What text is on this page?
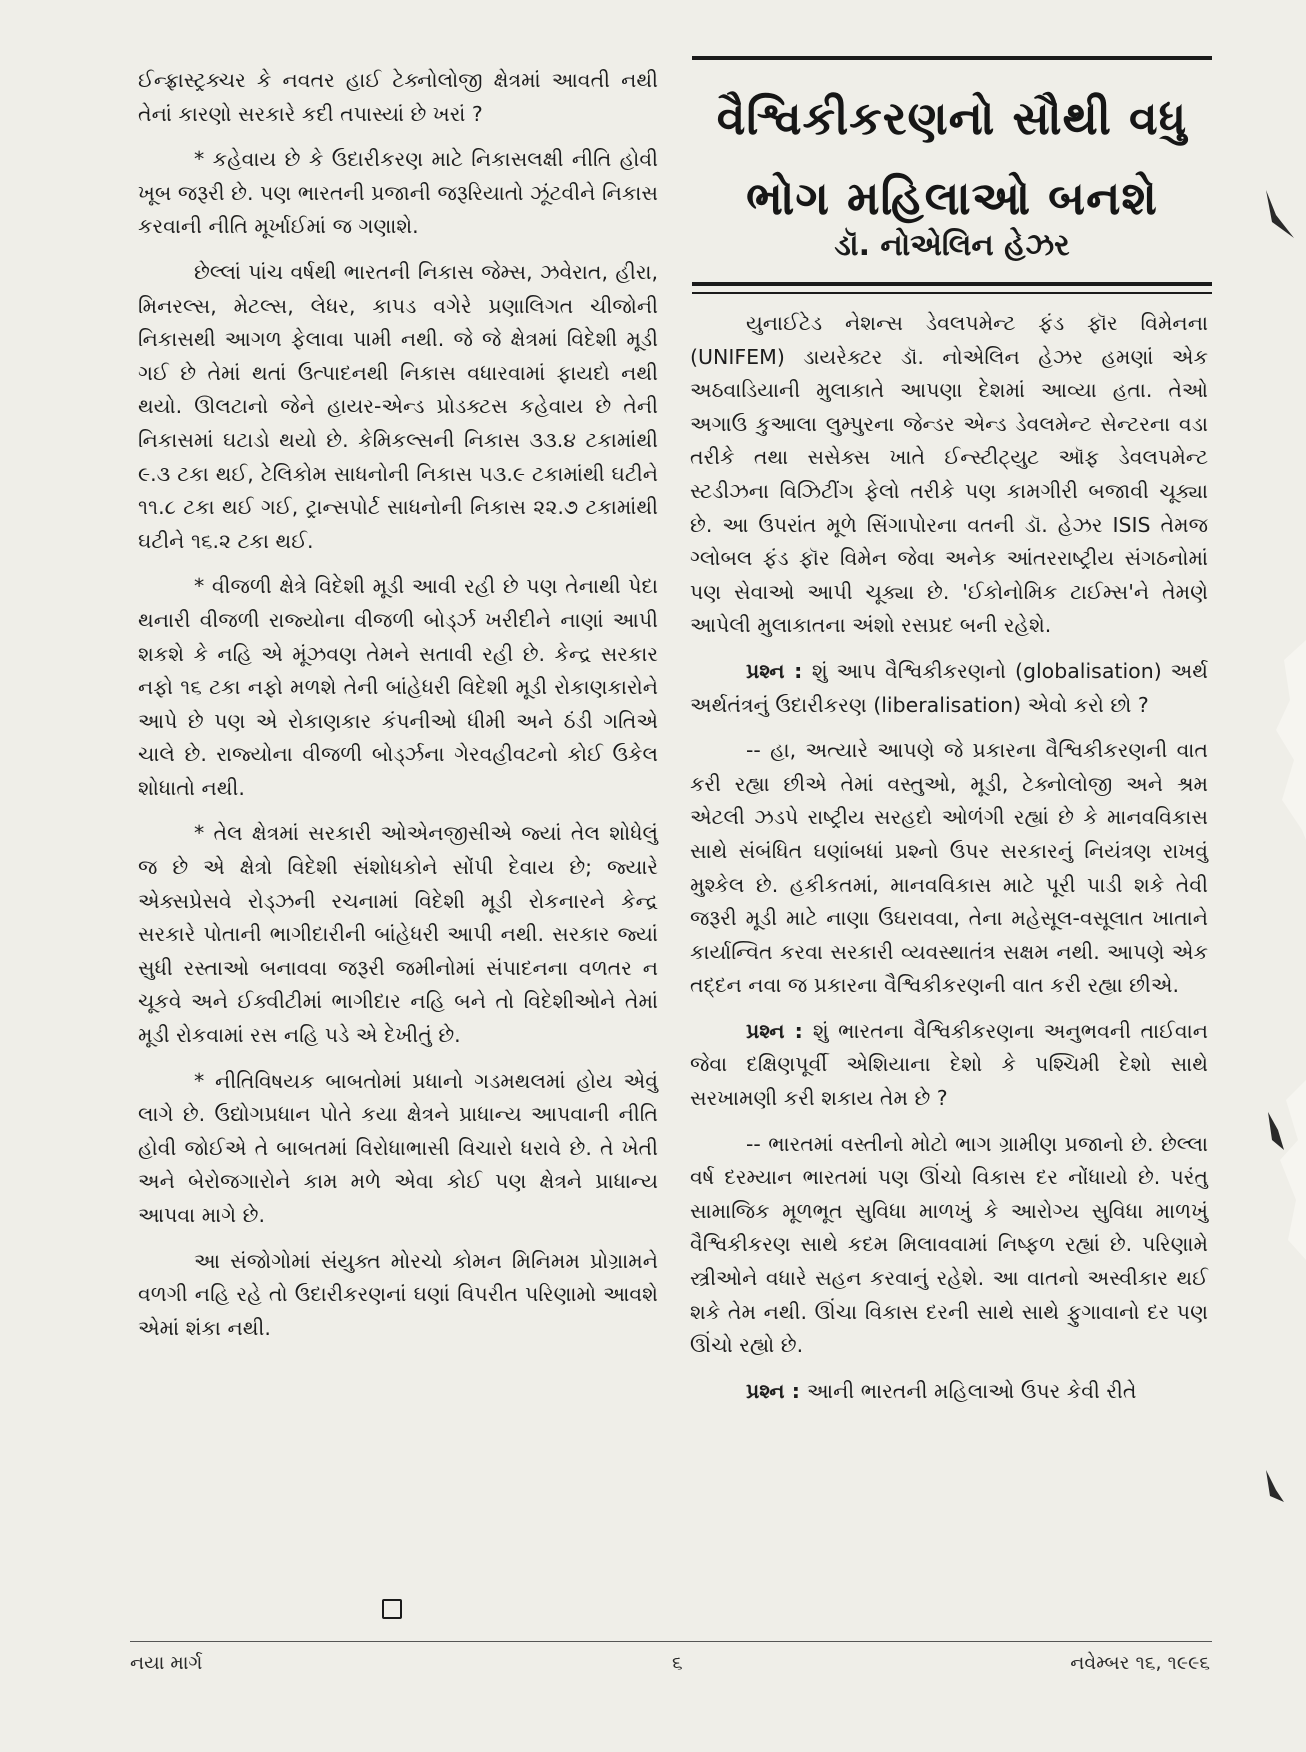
વૈશ્વિકીકરણનો સૌથી વધુ
ભોગ મહિલાઓ બનશે
ડૉ. નોએલિન હેઝર

ઈન્ફ્રાસ્ટ્રક્ચર કે નવતર હાઈ ટેક્નોલોજી ક્ષેત્રમાં આવતી નથી તેનાં કારણો સરકારે કદી તપાસ્યાં છે ખરાં ?

* કહેવાય છે કે ઉદારીકરણ માટે નિકાસલક્ષી નીતિ હોવી ખૂબ જરૂરી છે. પણ ભારતની પ્રજાની જરૂરિયાતો ઝૂંટવીને નિકાસ કરવાની નીતિ મૂર્ખાઈમાં જ ગણાશે.

છેલ્લાં પાંચ વર્ષથી ભારતની નિકાસ જેમ્સ, ઝવેરાત, હીરા, મિનરલ્સ, મેટલ્સ, લેધર, કાપડ વગેરે પ્રણાલિગત ચીજોની નિકાસથી આગળ ફેલાવા પામી નથી. જે જે ક્ષેત્રમાં વિદેશી મૂડી ગઈ છે તેમાં થતાં ઉત્પાદનથી નિકાસ વધારવામાં ફાયદો નથી થયો. ઊલટાનો જેને હાયર-એન્ડ પ્રોડક્ટસ કહેવાય છે તેની નિકાસમાં ઘટાડો થયો છે. કેમિકલ્સની નિકાસ ૩૩.૪ ટકામાંથી ૯.૩ ટકા થઈ, ટેલિકોમ સાધનોની નિકાસ ૫૩.૯ ટકામાંથી ઘટીને ૧૧.૮ ટકા થઈ ગઈ, ટ્રાન્સપોર્ટ સાધનોની નિકાસ ૨૨.૭ ટકામાંથી ઘટીને ૧૬.૨ ટકા થઈ.

* વીજળી ક્ષેત્રે વિદેશી મૂડી આવી રહી છે પણ તેનાથી પેદા થનારી વીજળી રાજ્યોના વીજળી બોર્ડ્ઝ ખરીદીને નાણાં આપી શકશે કે નહિ એ મૂંઝવણ તેમને સતાવી રહી છે. કેન્દ્ર સરકાર નફો ૧૬ ટકા નફો મળશે તેની બાંહેધરી વિદેશી મૂડી રોકાણકારોને આપે છે પણ એ રોકાણકાર કંપનીઓ ધીમી અને ઠંડી ગતિએ ચાલે છે. રાજ્યોના વીજળી બોર્ડ્ઝના ગેરવહીવટનો કોઈ ઉકેલ શોધાતો નથી.

* તેલ ક્ષેત્રમાં સરકારી ઓએનજીસીએ જ્યાં તેલ શોધેલું જ છે એ ક્ષેત્રો વિદેશી સંશોધકોને સોંપી દેવાય છે; જ્યારે એક્સપ્રેસવે રોડ્ઝની રચનામાં વિદેશી મૂડી રોકનારને કેન્દ્ર સરકારે પોતાની ભાગીદારીની બાંહેધરી આપી નથી. સરકાર જ્યાં સુધી રસ્તાઓ બનાવવા જરૂરી જમીનોમાં સંપાદનના વળતર ન ચૂકવે અને ઈક્વીટીમાં ભાગીદાર નહિ બને તો વિદેશીઓને તેમાં મૂડી રોકવામાં રસ નહિ પડે એ દેખીતું છે.

* નીતિવિષયક બાબતોમાં પ્રધાનો ગડમથલમાં હોય એવું લાગે છે. ઉદ્યોગપ્રધાન પોતે કયા ક્ષેત્રને પ્રાધાન્ય આપવાની નીતિ હોવી જોઈએ તે બાબતમાં વિરોધાભાસી વિચારો ધરાવે છે. તે ખેતી અને બેરોજગારોને કામ મળે એવા કોઈ પણ ક્ષેત્રને પ્રાધાન્ય આપવા માગે છે.

આ સંજોગોમાં સંયુક્ત મોરચો કોમન મિનિમમ પ્રોગ્રામને વળગી નહિ રહે તો ઉદારીકરણનાં ઘણાં વિપરીત પરિણામો આવશે એમાં શંકા નથી.

યુનાઈટેડ નેશન્સ ડેવલપમેન્ટ ફંડ ફૉર વિમેનના (UNIFEM) ડાયરેક્ટર ડૉ. નોએલિન હેઝર હમણાં એક અઠવાડિયાની મુલાકાતે આપણા દેશમાં આવ્યા હતા. તેઓ અગાઉ કુઆલા લુમ્પુરના જેન્ડર એન્ડ ડેવલમેન્ટ સેન્ટરના વડા તરીકે તથા સસેક્સ ખાતે ઈન્સ્ટીટ્યુટ ઑફ ડેવલપમેન્ટ સ્ટડીઝના વિઝિટીંગ ફેલો તરીકે પણ કામગીરી બજાવી ચૂક્યા છે. આ ઉપરાંત મૂળે સિંગાપોરના વતની ડૉ. હેઝર ISIS તેમજ ગ્લોબલ ફંડ ફૉર વિમેન જેવા અનેક આંતરરાષ્ટ્રીય સંગઠનોમાં પણ સેવાઓ આપી ચૂક્યા છે. 'ઈકોનોમિક ટાઈમ્સ'ને તેમણે આપેલી મુલાકાતના અંશો રસપ્રદ બની રહેશે.

પ્રશ્ન : શું આપ વૈશ્વિકીકરણનો (globalisation) અર્થ અર્થતંત્રનું ઉદારીકરણ (liberalisation) એવો કરો છો ?

-- હા, અત્યારે આપણે જે પ્રકારના વૈશ્વિકીકરણની વાત કરી રહ્યા છીએ તેમાં વસ્તુઓ, મૂડી, ટેક્નોલોજી અને શ્રમ એટલી ઝડપે રાષ્ટ્રીય સરહદો ઓળંગી રહ્યાં છે કે માનવવિકાસ સાથે સંબંધિત ઘણાંબધાં પ્રશ્નો ઉપર સરકારનું નિયંત્રણ રાખવું મુશ્કેલ છે. હકીકતમાં, માનવવિકાસ માટે પૂરી પાડી શકે તેવી જરૂરી મૂડી માટે નાણા ઉઘરાવવા, તેના મહેસૂલ-વસૂલાત ખાતાને કાર્યાન્વિત કરવા સરકારી વ્યવસ્થાતંત્ર સક્ષમ નથી. આપણે એક તદ્દન નવા જ પ્રકારના વૈશ્વિકીકરણની વાત કરી રહ્યા છીએ.

પ્રશ્ન : શું ભારતના વૈશ્વિકીકરણના અનુભવની તાઈવાન જેવા દક્ષિણપૂર્વી એશિયાના દેશો કે પશ્ચિમી દેશો સાથે સરખામણી કરી શકાય તેમ છે ?

-- ભારતમાં વસ્તીનો મોટો ભાગ ગ્રામીણ પ્રજાનો છે. છેલ્લા વર્ષ દરમ્યાન ભારતમાં પણ ઊંચો વિકાસ દર નોંધાયો છે. પરંતુ સામાજિક મૂળભૂત સુવિધા માળખું કે આરોગ્ય સુવિધા માળખું વૈશ્વિકીકરણ સાથે કદમ મિલાવવામાં નિષ્ફળ રહ્યાં છે. પરિણામે સ્ત્રીઓને વધારે સહન કરવાનું રહેશે. આ વાતનો અસ્વીકાર થઈ શકે તેમ નથી. ઊંચા વિકાસ દરની સાથે સાથે ફુગાવાનો દર પણ ઊંચો રહ્યો છે.

પ્રશ્ન : આની ભારતની મહિલાઓ ઉપર કેવી રીતે

નયા માર્ગ	૬	નવેમ્બર ૧૬, ૧૯૯૬
